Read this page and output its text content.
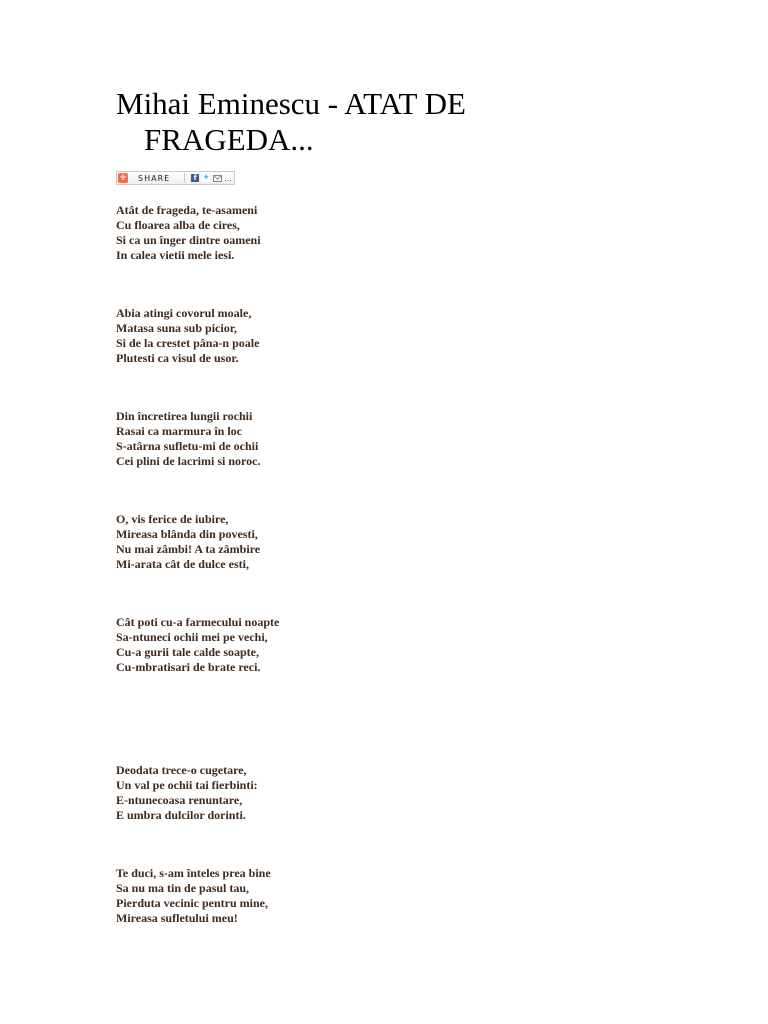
Mihai Eminescu - ATAT DE FRAGEDA...
+ SHARE	f ✦ ...

Atât de frageda, te-asameni
Cu floarea alba de cires,
Si ca un înger dintre oameni
In calea vietii mele iesi.

Abia atingi covorul moale,
Matasa suna sub picior,
Si de la crestet pâna-n poale
Plutesti ca visul de usor.

Din încretirea lungii rochii
Rasai ca marmura în loc
S-atârna sufletu-mi de ochii
Cei plini de lacrimi si noroc.

O, vis ferice de iubire,
Mireasa blânda din povesti,
Nu mai zâmbi! A ta zâmbire
Mi-arata cât de dulce esti,

Cât poti cu-a farmecului noapte
Sa-ntuneci ochii mei pe vechi,
Cu-a gurii tale calde soapte,
Cu-mbratisari de brate reci.

Deodata trece-o cugetare,
Un val pe ochii tai fierbinti:
E-ntunecoasa renuntare,
E umbra dulcilor dorinti.

Te duci, s-am înteles prea bine
Sa nu ma tin de pasul tau,
Pierduta vecinic pentru mine,
Mireasa sufletului meu!
